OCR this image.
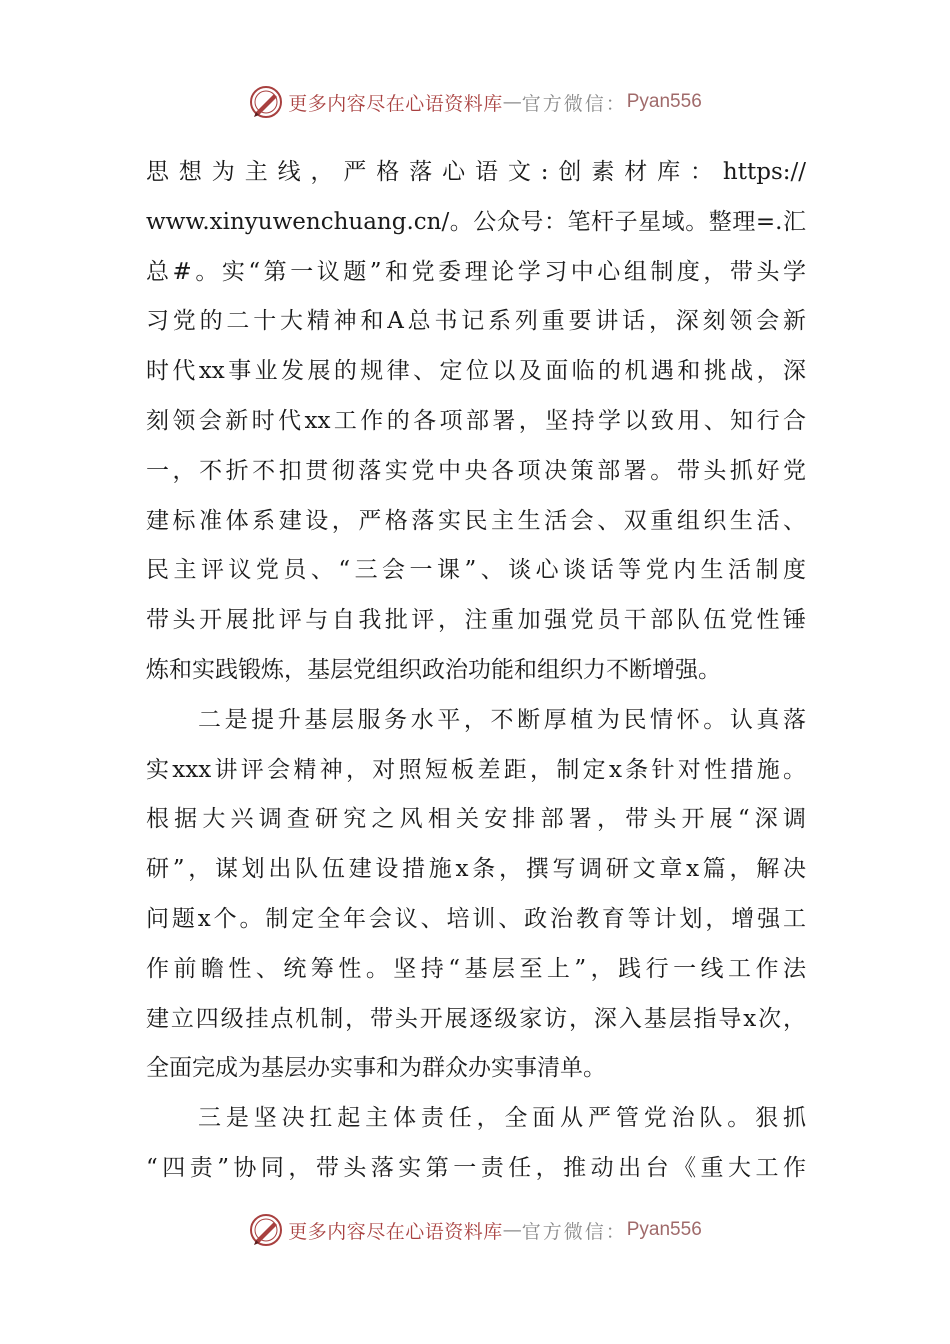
更多内容尽在心语资料库 — 官方微信： Pyan556
思想为主线，严格落心语文:创素材库：https://
www.xinyuwenchuang.cn/。公众号：笔杆子星域。整理=.汇
总#。实“第一议题”和党委理论学习中心组制度，带头学
习党的二十大精神和A总书记系列重要讲话，深刻领会新
时代xx事业发展的规律、定位以及面临的机遇和挑战，深
刻领会新时代xx工作的各项部署，坚持学以致用、知行合
一，不折不扣贯彻落实党中央各项决策部署。带头抓好党
建标准体系建设，严格落实民主生活会、双重组织生活、
民主评议党员、“三会一课”、谈心谈话等党内生活制度
带头开展批评与自我批评，注重加强党员干部队伍党性锤
炼和实践锻炼，基层党组织政治功能和组织力不断增强。
二是提升基层服务水平，不断厚植为民情怀。认真落
实xxx讲评会精神，对照短板差距，制定x条针对性措施。
根据大兴调查研究之风相关安排部署，带头开展“深调
研”，谋划出队伍建设措施x条，撰写调研文章x篇，解决
问题x个。制定全年会议、培训、政治教育等计划，增强工
作前瞻性、统筹性。坚持“基层至上”，践行一线工作法
建立四级挂点机制，带头开展逐级家访，深入基层指导x次，
全面完成为基层办实事和为群众办实事清单。
三是坚决扛起主体责任，全面从严管党治队。狠抓
“四责”协同，带头落实第一责任，推动出台《重大工作
更多内容尽在心语资料库 — 官方微信： Pyan556
